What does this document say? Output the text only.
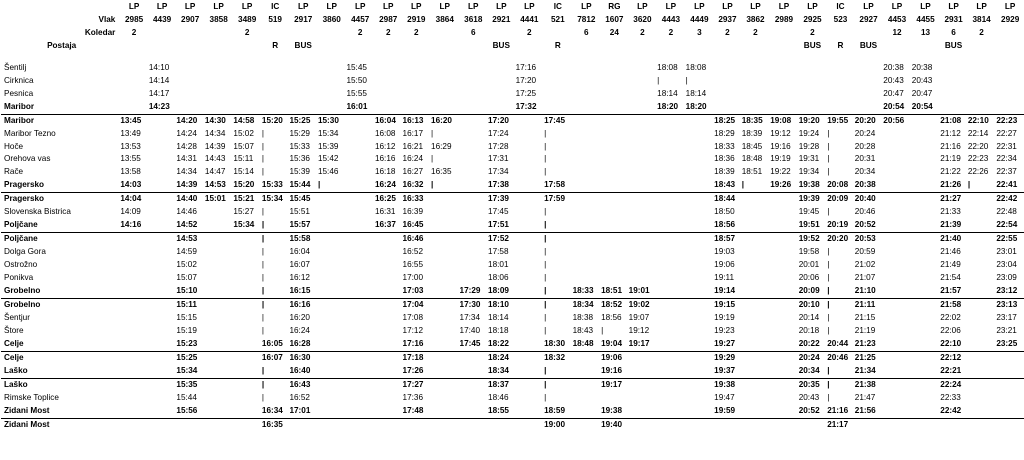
	LP	LP	LP	LP	LP	IC	LP	LP	LP	LP	LP	LP	LP	LP	LP	IC	LP	RG	LP	LP	LP	LP	LP	LP	LP	IC	LP	LP	LP	LP	LP	LP
Vlak	2985	4439	2907	3858	3489	519	2917	3860	4457	2987	2919	3864	3618	2921	4441	521	7812	1607	3620	4443	4449	2937	3862	2989	2925	523	2927	4453	4455	2931	3814	2929
Koledar	2				2				2	2	2		6		2		6	24	2	2	3	2	2		2			12	13	6	2	
Postaja						R	BUS							BUS		R									BUS	R	BUS			BUS		

Šentilj		14:10							15:45						17:16					18:08	18:08							20:38	20:38			
Cirknica		14:14							15:50						17:20					|	|							20:43	20:43			
Pesnica		14:17							15:55						17:25					18:14	18:14							20:47	20:47			
Maribor		14:23							16:01						17:32					18:20	18:20							20:54	20:54			
Maribor	13:45		14:20	14:30	14:58	15:20	15:25	15:30		16:04	16:13	16:20		17:20		17:45						18:25	18:35	19:08	19:20	19:55	20:20	20:56		21:08	22:10	22:23
Maribor Tezno	13:49		14:24	14:34	15:02	|	15:29	15:34		16:08	16:17	|		17:24		|						18:29	18:39	19:12	19:24	|	20:24			21:12	22:14	22:27
Hoče	13:53		14:28	14:39	15:07	|	15:33	15:39		16:12	16:21	16:29		17:28		|						18:33	18:45	19:16	19:28	|	20:28			21:16	22:20	22:31
Orehova vas	13:55		14:31	14:43	15:11	|	15:36	15:42		16:16	16:24	|		17:31		|						18:36	18:48	19:19	19:31	|	20:31			21:19	22:23	22:34
Rače	13:58		14:34	14:47	15:14	|	15:39	15:46		16:18	16:27	16:35		17:34		|						18:39	18:51	19:22	19:34	|	20:34			21:22	22:26	22:37
Pragersko	14:03		14:39	14:53	15:20	15:33	15:44	|		16:24	16:32	|		17:38		17:58						18:43	|	19:26	19:38	20:08	20:38			21:26	|	22:41
Pragersko	14:04		14:40	15:01	15:21	15:34	15:45			16:25	16:33			17:39		17:59						18:44			19:39	20:09	20:40			21:27		22:42
Slovenska Bistrica	14:09		14:46		15:27	|	15:51			16:31	16:39			17:45		|						18:50			19:45	|	20:46			21:33		22:48
Poljčane	14:16		14:52		15:34	|	15:57			16:37	16:45			17:51		|						18:56			19:51	20:19	20:52			21:39		22:54
Poljčane			14:53			|	15:58				16:46			17:52		|						18:57			19:52	20:20	20:53			21:40		22:55
Dolga Gora			14:59			|	16:04				16:52			17:58		|						19:03			19:58	|	20:59			21:46		23:01
Ostrožno			15:02			|	16:07				16:55			18:01		|						19:06			20:01	|	21:02			21:49		23:04
Ponikva			15:07			|	16:12				17:00			18:06		|						19:11			20:06	|	21:07			21:54		23:09
Grobelno			15:10			|	16:15				17:03		17:29	18:09		|	18:33	18:51	19:01			19:14			20:09	|	21:10			21:57		23:12
Grobelno			15:11			|	16:16				17:04		17:30	18:10		|	18:34	18:52	19:02			19:15			20:10	|	21:11			21:58		23:13
Šentjur			15:15			|	16:20				17:08		17:34	18:14		|	18:38	18:56	19:07			19:19			20:14	|	21:15			22:02		23:17
Štore			15:19			|	16:24				17:12		17:40	18:18		|	18:43	|	19:12			19:23			20:18	|	21:19			22:06		23:21
Celje			15:23			16:05	16:28				17:16		17:45	18:22		18:30	18:48	19:04	19:17			19:27			20:22	20:44	21:23			22:10		23:25
Celje			15:25			16:07	16:30				17:18			18:24		18:32		19:06				19:29			20:24	20:46	21:25			22:12		
Laško			15:34			|	16:40				17:26			18:34		|		19:16				19:37			20:34	|	21:34			22:21		
Laško			15:35			|	16:43				17:27			18:37		|		19:17				19:38			20:35	|	21:38			22:24		
Rimske Toplice			15:44			|	16:52				17:36			18:46		|						19:47			20:43	|	21:47			22:33		
Zidani Most			15:56			16:34	17:01				17:48			18:55		18:59		19:38				19:59			20:52	21:16	21:56			22:42		
Zidani Most						16:35										19:00		19:40								21:17						
